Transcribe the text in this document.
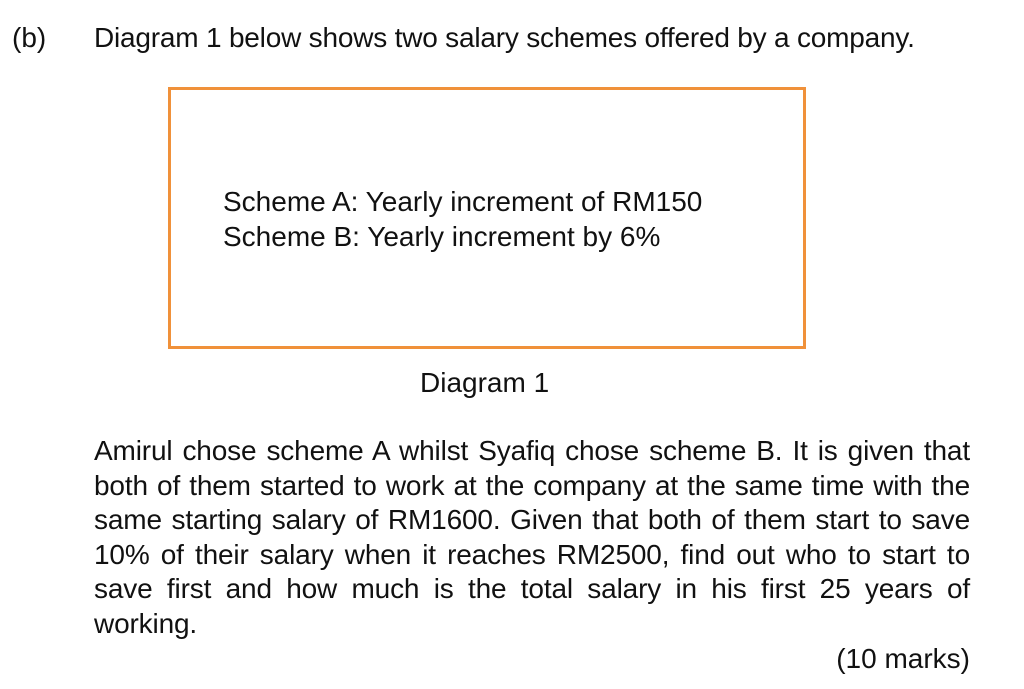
(b) Diagram 1 below shows two salary schemes offered by a company.
Scheme A: Yearly increment of RM150
Scheme B: Yearly increment by 6%
Diagram 1
Amirul chose scheme A whilst Syafiq chose scheme B. It is given that both of them started to work at the company at the same time with the same starting salary of RM1600. Given that both of them start to save 10% of their salary when it reaches RM2500, find out who to start to save first and how much is the total salary in his first 25 years of working.
(10 marks)
